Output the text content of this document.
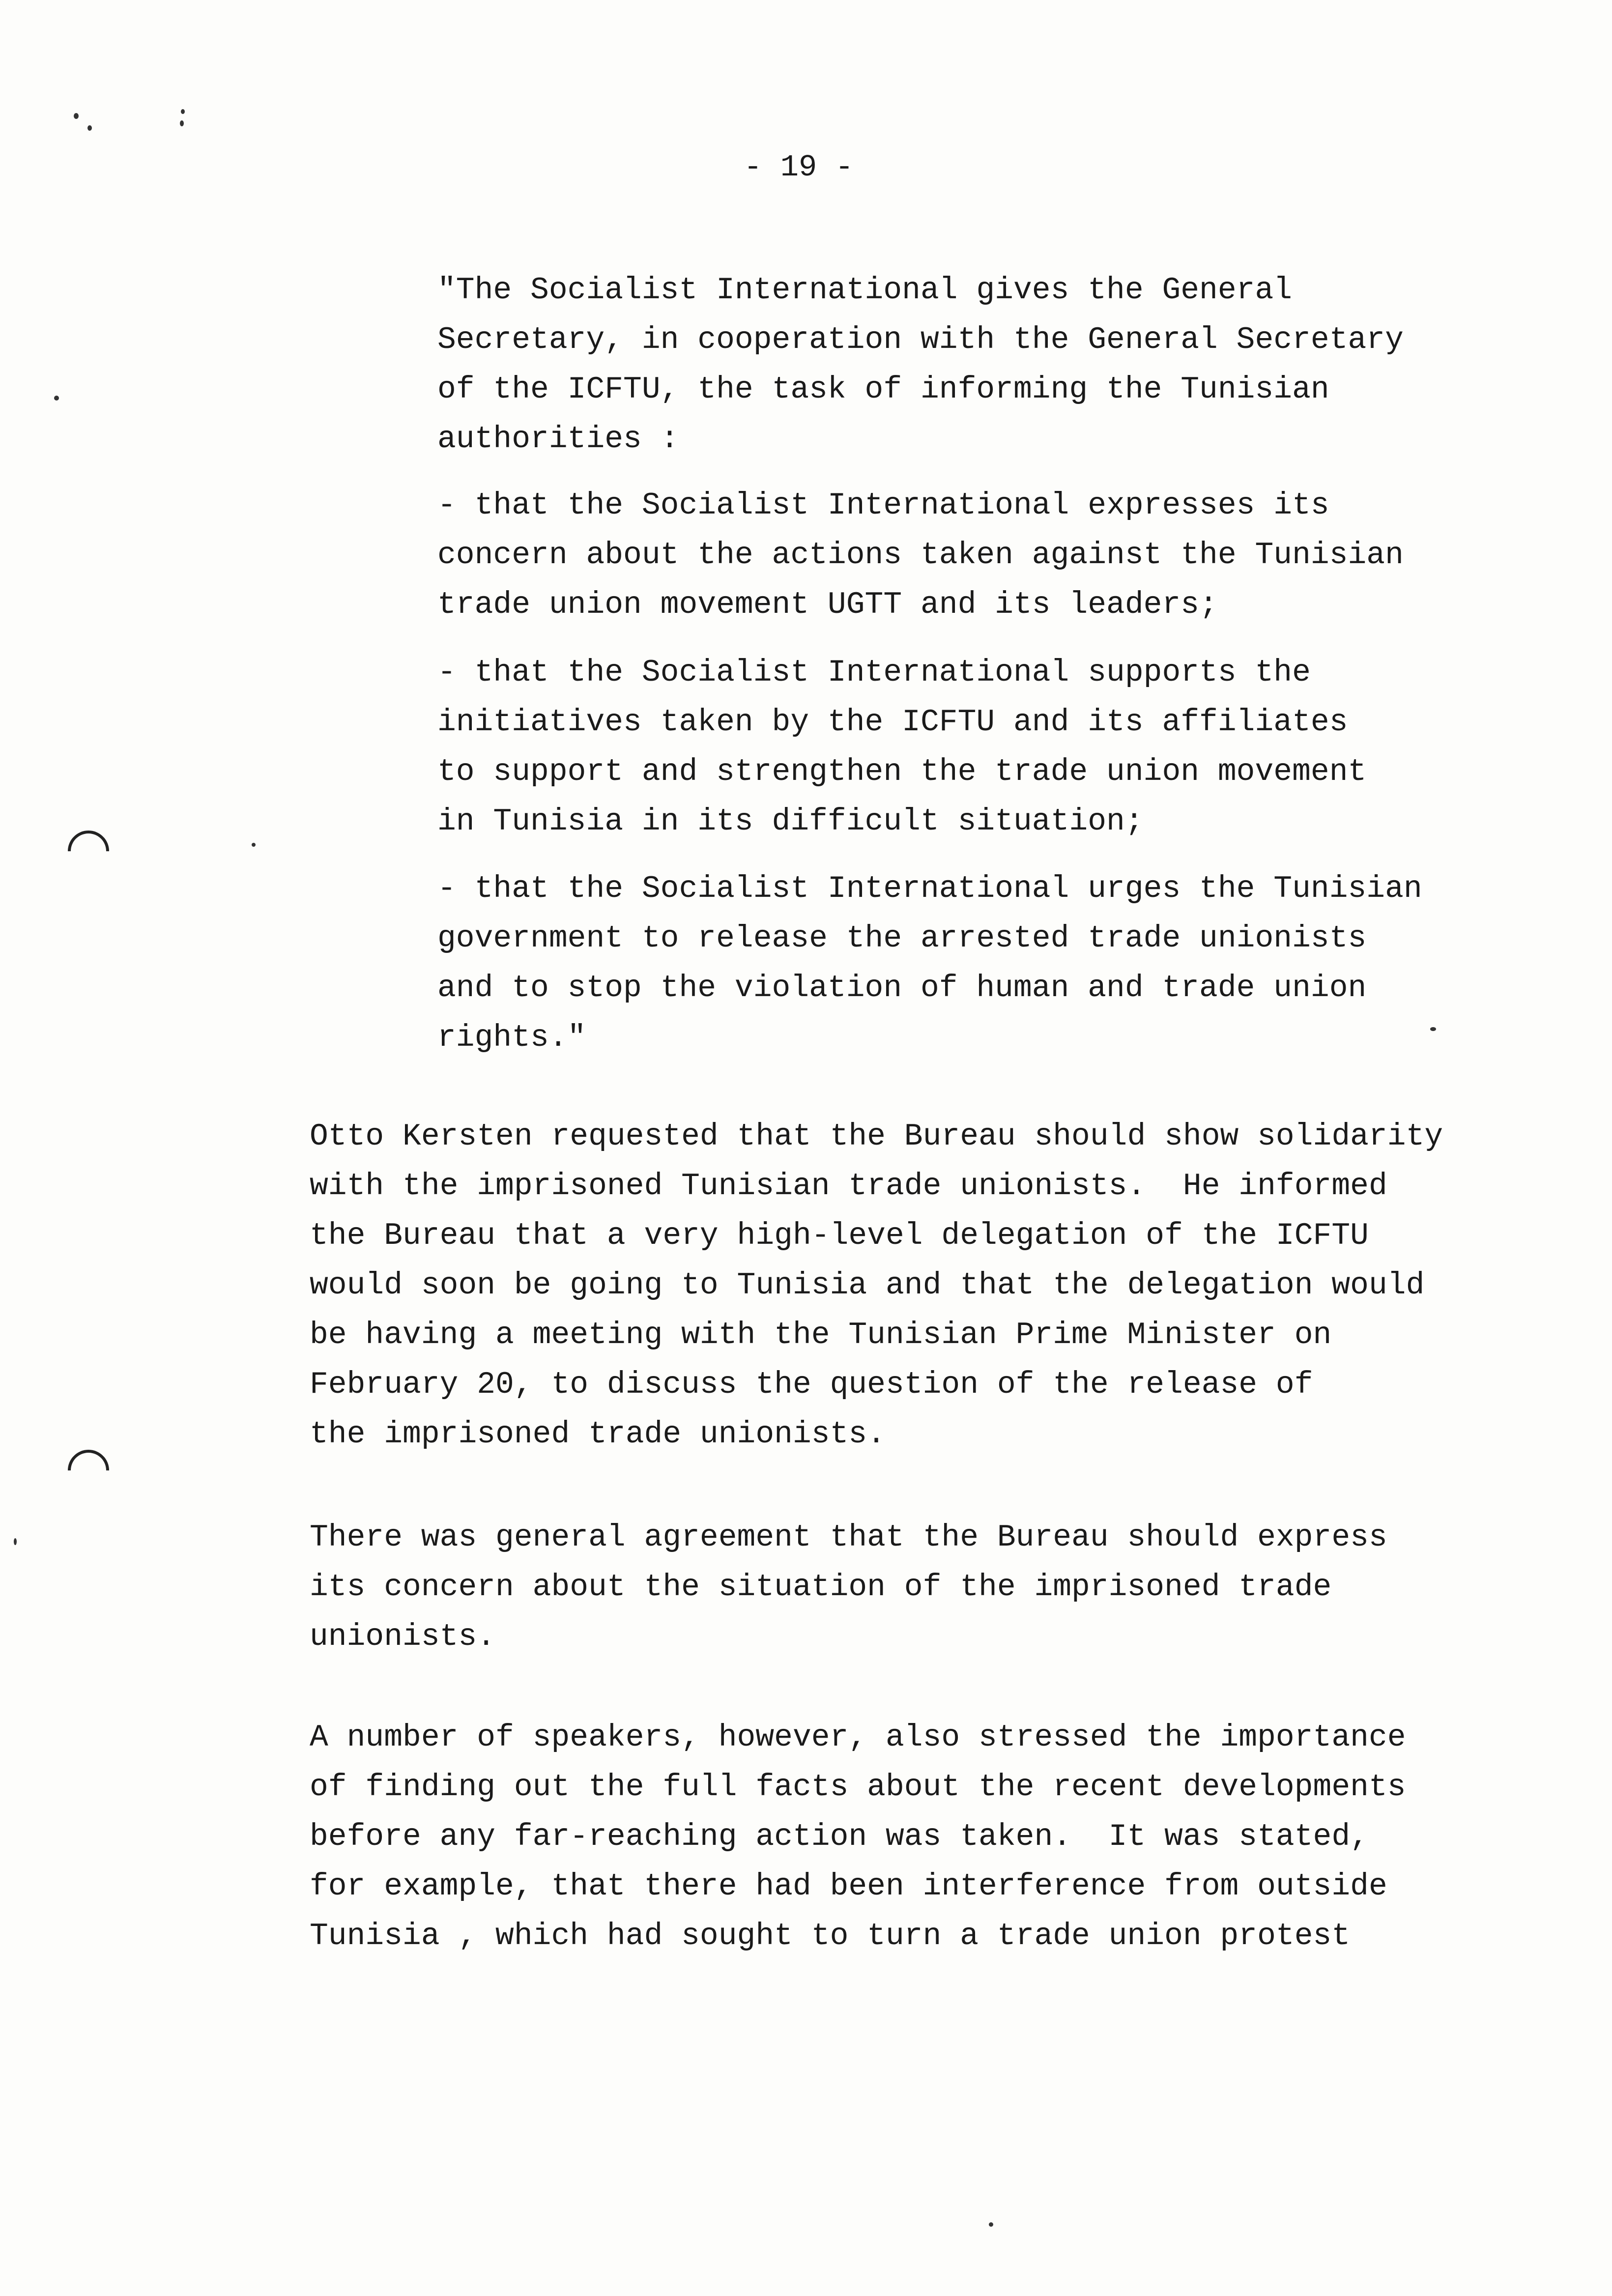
- 19 -
"The Socialist International gives the General
Secretary, in cooperation with the General Secretary
of the ICFTU, the task of informing the Tunisian
authorities :
- that the Socialist International expresses its
concern about the actions taken against the Tunisian
trade union movement UGTT and its leaders;
- that the Socialist International supports the
initiatives taken by the ICFTU and its affiliates
to support and strengthen the trade union movement
in Tunisia in its difficult situation;
- that the Socialist International urges the Tunisian
government to release the arrested trade unionists
and to stop the violation of human and trade union
rights."
Otto Kersten requested that the Bureau should show solidarity
with the imprisoned Tunisian trade unionists.  He informed
the Bureau that a very high-level delegation of the ICFTU
would soon be going to Tunisia and that the delegation would
be having a meeting with the Tunisian Prime Minister on
February 20, to discuss the question of the release of
the imprisoned trade unionists.
There was general agreement that the Bureau should express
its concern about the situation of the imprisoned trade
unionists.
A number of speakers, however, also stressed the importance
of finding out the full facts about the recent developments
before any far-reaching action was taken.  It was stated,
for example, that there had been interference from outside
Tunisia , which had sought to turn a trade union protest
